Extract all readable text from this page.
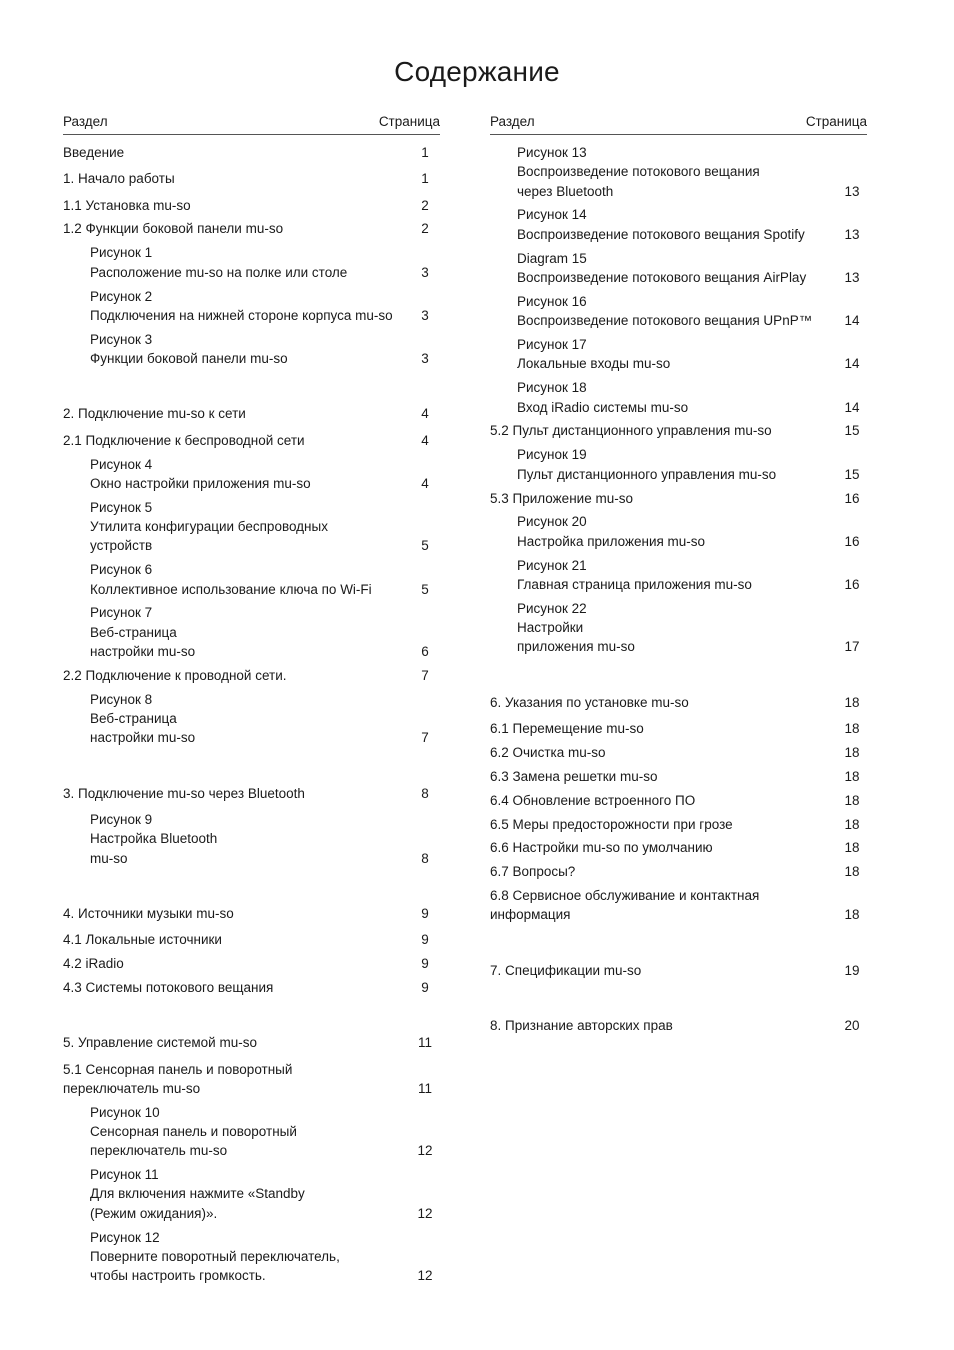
Содержание
Раздел	Страница
Введение	1
1. Начало работы	1
1.1 Установка mu-so	2
1.2 Функции боковой панели mu-so	2
Рисунок 1
Расположение mu-so на полке или столе	3
Рисунок 2
Подключения на нижней стороне корпуса mu-so	3
Рисунок 3
Функции боковой панели mu-so	3
2. Подключение mu-so к сети	4
2.1 Подключение к беспроводной сети	4
Рисунок 4
Окно настройки приложения mu-so	4
Рисунок 5
Утилита конфигурации беспроводных
устройств	5
Рисунок 6
Коллективное использование ключа по Wi-Fi	5
Рисунок 7
Веб-страница
настройки mu-so	6
2.2 Подключение к проводной сети.	7
Рисунок 8
Веб-страница
настройки mu-so	7
3. Подключение mu-so через Bluetooth	8
Рисунок 9
Настройка Bluetooth
mu-so	8
4. Источники музыки mu-so	9
4.1 Локальные источники	9
4.2 iRadio	9
4.3 Системы потокового вещания	9
5. Управление системой mu-so	11
5.1 Сенсорная панель и поворотный
переключатель mu-so	11
Рисунок 10
Сенсорная панель и поворотный
переключатель mu-so	12
Рисунок 11
Для включения нажмите «Standby
(Режим ожидания)».	12
Рисунок 12
Поверните поворотный переключатель,
чтобы настроить громкость.	12
Раздел	Страница
Рисунок 13
Воспроизведение потокового вещания
через Bluetooth	13
Рисунок 14
Воспроизведение потокового вещания Spotify	13
Diagram 15
Воспроизведение потокового вещания AirPlay	13
Рисунок 16
Воспроизведение потокового вещания UPnP™	14
Рисунок 17
Локальные входы mu-so	14
Рисунок 18
Вход iRadio системы mu-so	14
5.2 Пульт дистанционного управления mu-so	15
Рисунок 19
Пульт дистанционного управления mu-so	15
5.3 Приложение mu-so	16
Рисунок 20
Настройка приложения mu-so	16
Рисунок 21
Главная страница приложения mu-so	16
Рисунок 22
Настройки
приложения mu-so	17
6. Указания по установке mu-so	18
6.1 Перемещение mu-so	18
6.2 Очистка mu-so	18
6.3 Замена решетки mu-so	18
6.4 Обновление встроенного ПО	18
6.5 Меры предосторожности при грозе	18
6.6 Настройки mu-so по умолчанию	18
6.7 Вопросы?	18
6.8 Сервисное обслуживание и контактная
информация	18
7. Спецификации mu-so	19
8. Признание авторских прав	20
